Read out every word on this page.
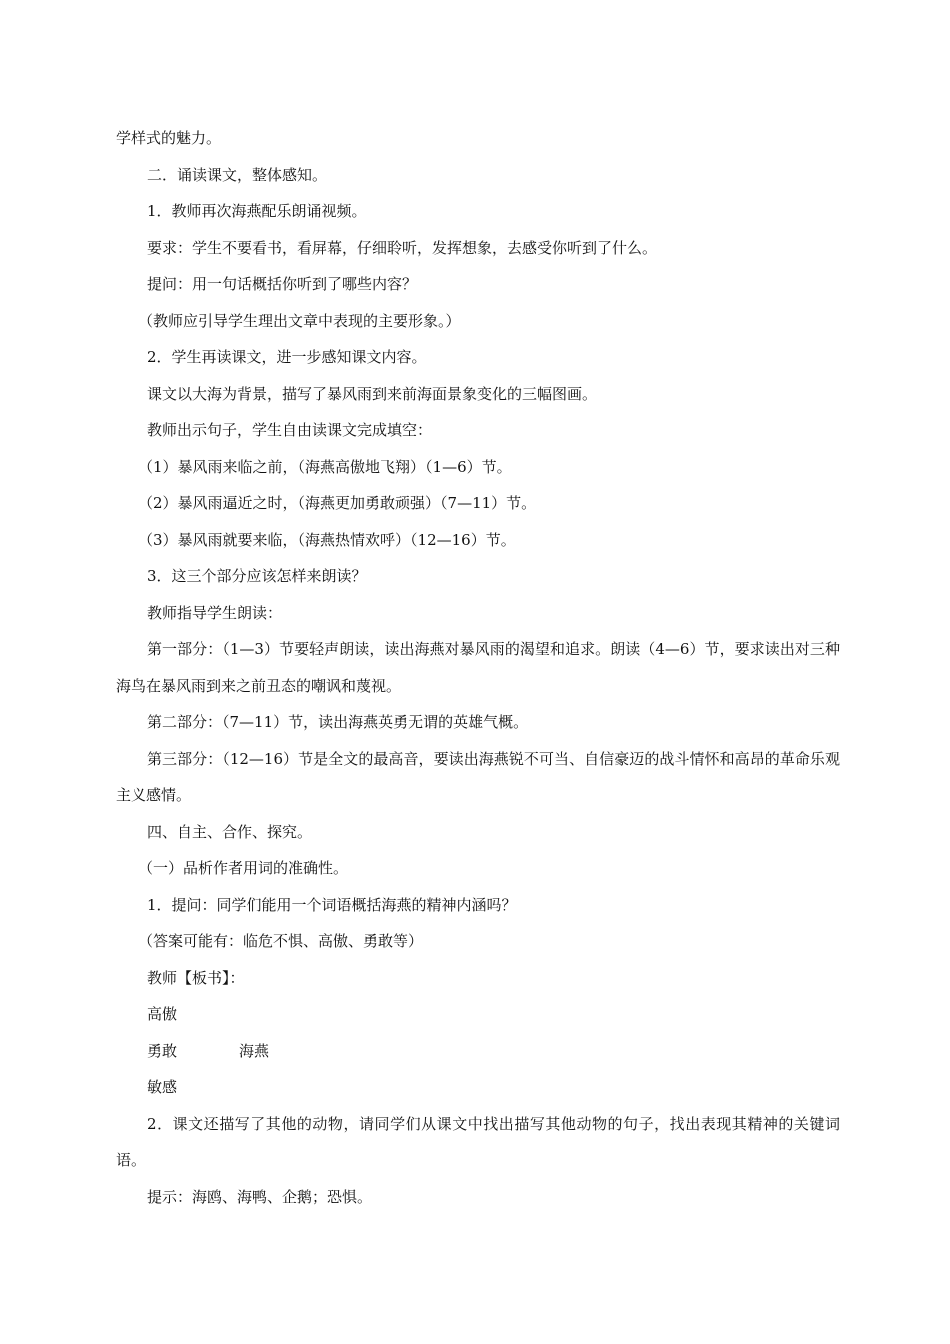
学样式的魅力。

二．诵读课文，整体感知。

1．教师再次海燕配乐朗诵视频。

要求：学生不要看书，看屏幕，仔细聆听，发挥想象，去感受你听到了什么。

提问：用一句话概括你听到了哪些内容？

（教师应引导学生理出文章中表现的主要形象。）

2．学生再读课文，进一步感知课文内容。

课文以大海为背景，描写了暴风雨到来前海面景象变化的三幅图画。

教师出示句子，学生自由读课文完成填空：

（1）暴风雨来临之前，（海燕高傲地飞翔）（1—6）节。

（2）暴风雨逼近之时，（海燕更加勇敢顽强）（7—11）节。

（3）暴风雨就要来临，（海燕热情欢呼）（12—16）节。

3．这三个部分应该怎样来朗读？

教师指导学生朗读：

第一部分：（1—3）节要轻声朗读，读出海燕对暴风雨的渴望和追求。朗读（4—6）节，要求读出对三种海鸟在暴风雨到来之前丑态的嘲讽和蔑视。

第二部分：（7—11）节，读出海燕英勇无谓的英雄气概。

第三部分：（12—16）节是全文的最高音，要读出海燕锐不可当、自信豪迈的战斗情怀和高昂的革命乐观主义感情。

四、自主、合作、探究。

（一）品析作者用词的准确性。

1．提问：同学们能用一个词语概括海燕的精神内涵吗？

（答案可能有：临危不惧、高傲、勇敢等）

教师【板书】：

高傲

勇敢	海燕

敏感

2．课文还描写了其他的动物，请同学们从课文中找出描写其他动物的句子，找出表现其精神的关键词语。

提示：海鸥、海鸭、企鹅；恐惧。
